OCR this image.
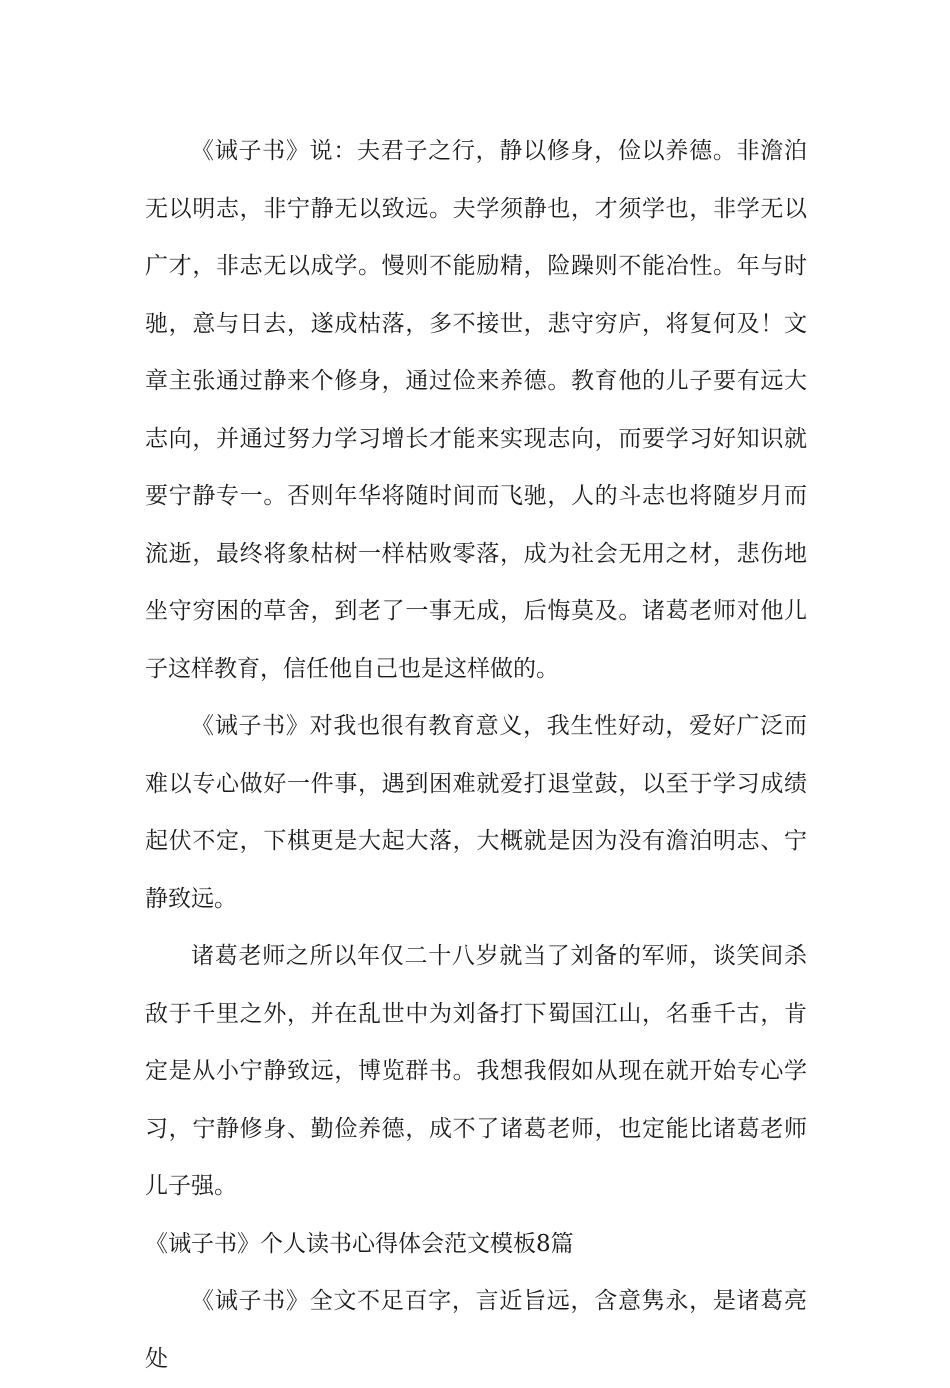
《诫子书》说：夫君子之行，静以修身，俭以养德。非澹泊无以明志，非宁静无以致远。夫学须静也，才须学也，非学无以广才，非志无以成学。慢则不能励精，险躁则不能冶性。年与时驰，意与日去，遂成枯落，多不接世，悲守穷庐，将复何及！文章主张通过静来个修身，通过俭来养德。教育他的儿子要有远大志向，并通过努力学习增长才能来实现志向，而要学习好知识就要宁静专一。否则年华将随时间而飞驰，人的斗志也将随岁月而流逝，最终将象枯树一样枯败零落，成为社会无用之材，悲伤地坐守穷困的草舍，到老了一事无成，后悔莫及。诸葛老师对他儿子这样教育，信任他自己也是这样做的。

《诫子书》对我也很有教育意义，我生性好动，爱好广泛而难以专心做好一件事，遇到困难就爱打退堂鼓，以至于学习成绩起伏不定，下棋更是大起大落，大概就是因为没有澹泊明志、宁静致远。

诸葛老师之所以年仅二十八岁就当了刘备的军师，谈笑间杀敌于千里之外，并在乱世中为刘备打下蜀国江山，名垂千古，肯定是从小宁静致远，博览群书。我想我假如从现在就开始专心学习，宁静修身、勤俭养德，成不了诸葛老师，也定能比诸葛老师儿子强。

《诫子书》个人读书心得体会范文模板8篇

《诫子书》全文不足百字，言近旨远，含意隽永，是诸葛亮处
